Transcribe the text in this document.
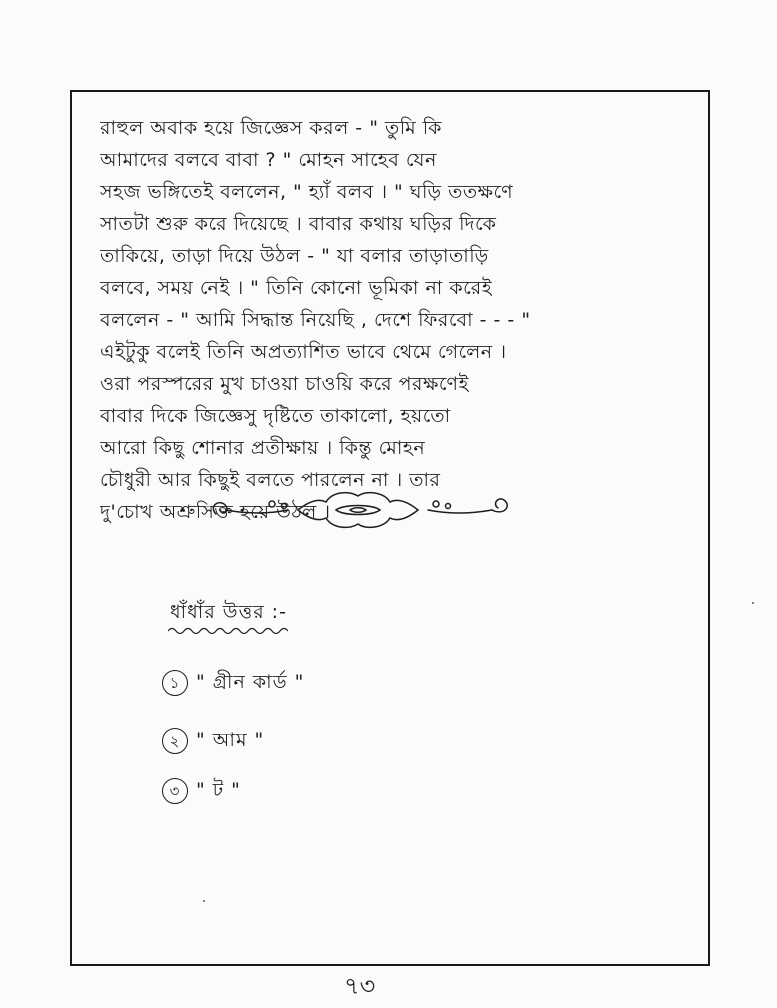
রাহুল অবাক হয়ে জিজ্ঞেস করল - " তুমি কি
আমাদের বলবে বাবা ? " মোহন সাহেব যেন
সহজ ভঙ্গিতেই বললেন, " হ্যাঁ বলব । " ঘড়ি ততক্ষণে
সাতটা শুরু করে দিয়েছে । বাবার কথায় ঘড়ির দিকে
তাকিয়ে, তাড়া দিয়ে উঠল - " যা বলার তাড়াতাড়ি
বলবে, সময় নেই । " তিনি কোনো ভূমিকা না করেই
বললেন - " আমি সিদ্ধান্ত নিয়েছি , দেশে ফিরবো - - - "
এইটুকু বলেই তিনি অপ্রত্যাশিত ভাবে থেমে গেলেন ।
ওরা পরস্পরের মুখ চাওয়া চাওয়ি করে পরক্ষণেই
বাবার দিকে জিজ্ঞেসু দৃষ্টিতে তাকালো, হয়তো
আরো কিছু শোনার প্রতীক্ষায় । কিন্তু মোহন
চৌধুরী আর কিছুই বলতে পারলেন না । তার
দু'চোখ অশ্রুসিক্ত হয়ে উঠল ।
ধাঁধাঁর উত্তর :-
১ " গ্রীন কার্ড "
২ " আম "
৩ " ট "
৭৩
